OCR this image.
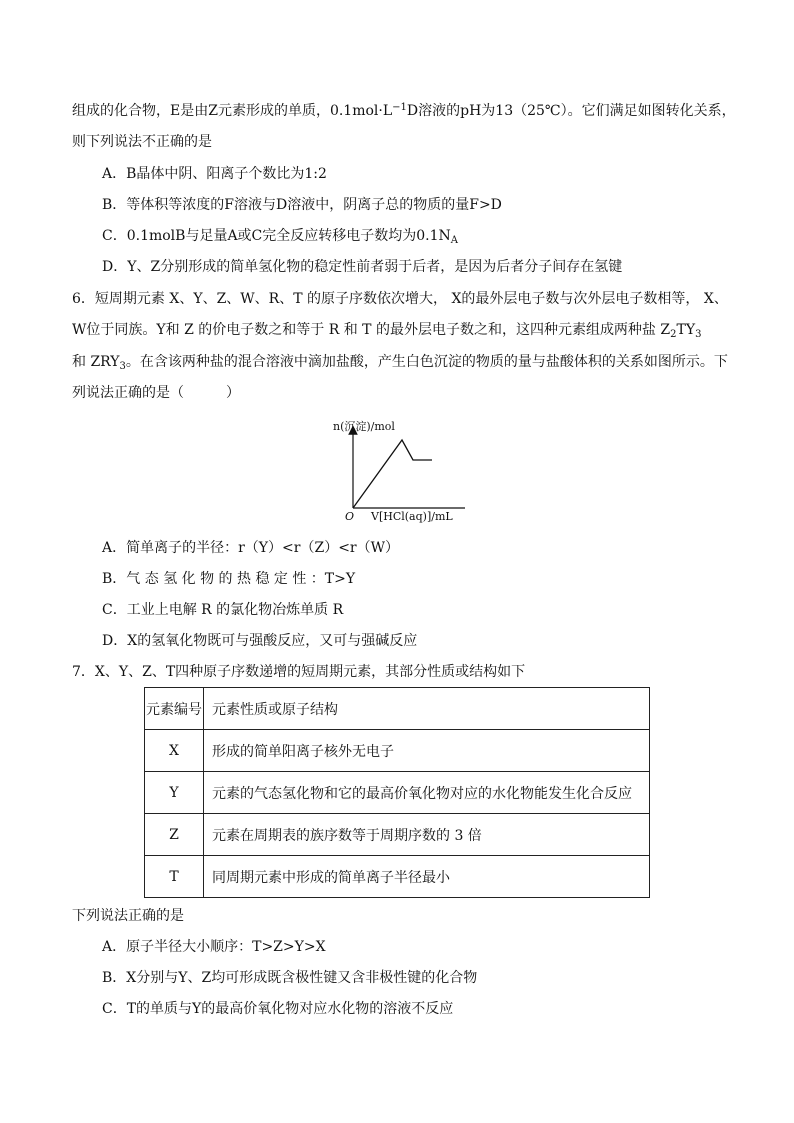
组成的化合物，E是由Z元素形成的单质，$0.1mol\cdot L^{-1}D$溶液的pH为13（25℃）。它们满足如图转化关系，
则下列说法不正确的是
A．B晶体中阴、阳离子个数比为1:2
B．等体积等浓度的F溶液与D溶液中，阴离子总的物质的量F>D
C．0.1molB与足量A或C完全反应转移电子数均为$0.1N_A$
D．Y、Z分别形成的简单氢化物的稳定性前者弱于后者，是因为后者分子间存在氢键
6．短周期元素 X、Y、Z、W、R、T 的原子序数依次增大， X的最外层电子数与次外层电子数相等， X、
W位于同族。Y和 Z 的价电子数之和等于 R 和 T 的最外层电子数之和，这四种元素组成两种盐 $Z_2TY_3$
和 $ZRY_3$。在含该两种盐的混合溶液中滴加盐酸，产生白色沉淀的物质的量与盐酸体积的关系如图所示。下
列说法正确的是（　　　）
n(沉淀)/mol
O V[HCl(aq)]/mL
A．简单离子的半径：r（Y）<r（Z）<r（W）
B．气 态 氢 化 物 的 热 稳 定 性 ：T>Y
C．工业上电解 R 的氯化物冶炼单质 R
D．X的氢氧化物既可与强酸反应，又可与强碱反应
7．X、Y、Z、T四种原子序数递增的短周期元素，其部分性质或结构如下
元素编号	元素性质或原子结构
X	形成的简单阳离子核外无电子
Y	元素的气态氢化物和它的最高价氧化物对应的水化物能发生化合反应
Z	元素在周期表的族序数等于周期序数的 3 倍
T	同周期元素中形成的简单离子半径最小
下列说法正确的是
A．原子半径大小顺序：T>Z>Y>X
B．X分别与Y、Z均可形成既含极性键又含非极性键的化合物
C．T的单质与Y的最高价氧化物对应水化物的溶液不反应
